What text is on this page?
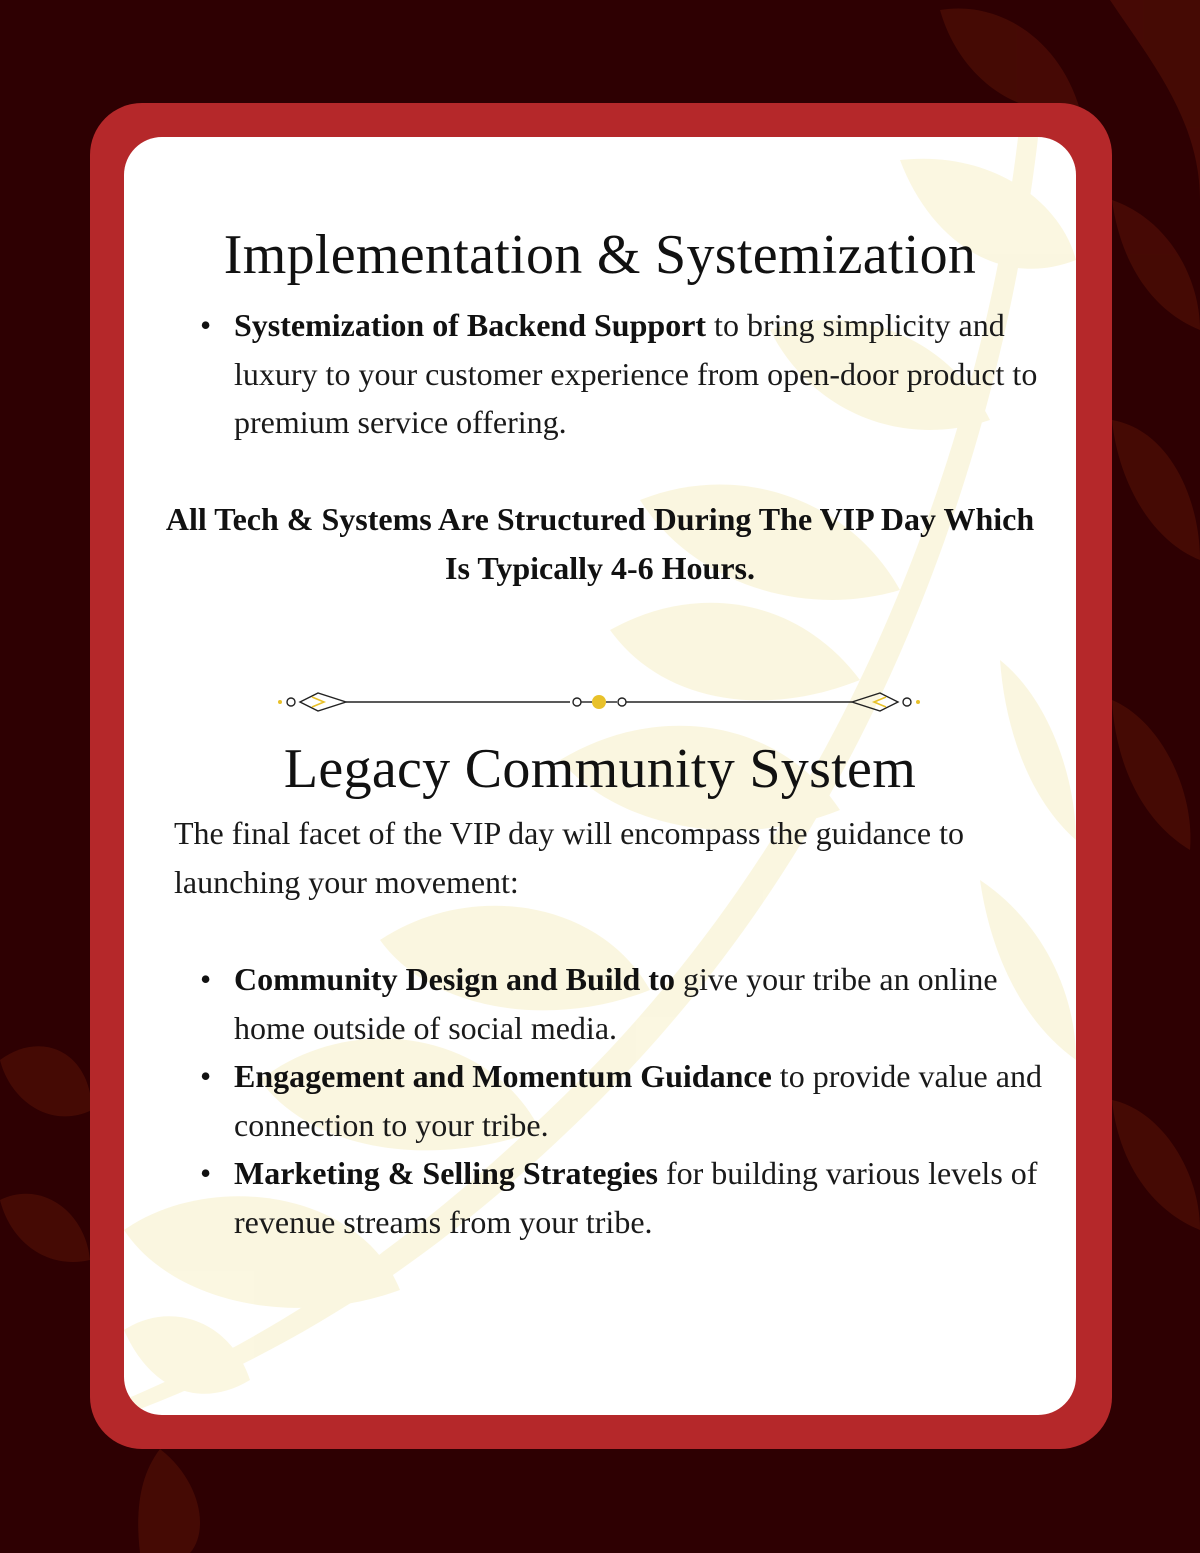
Implementation & Systemization
• Systemization of Backend Support to bring simplicity and luxury to your customer experience from open-door product to premium service offering.
All Tech & Systems Are Structured During The VIP Day Which Is Typically 4-6 Hours.
Legacy Community System
The final facet of the VIP day will encompass the guidance to launching your movement:
• Community Design and Build to give your tribe an online home outside of social media.
• Engagement and Momentum Guidance to provide value and connection to your tribe.
• Marketing & Selling Strategies for building various levels of revenue streams from your tribe.
